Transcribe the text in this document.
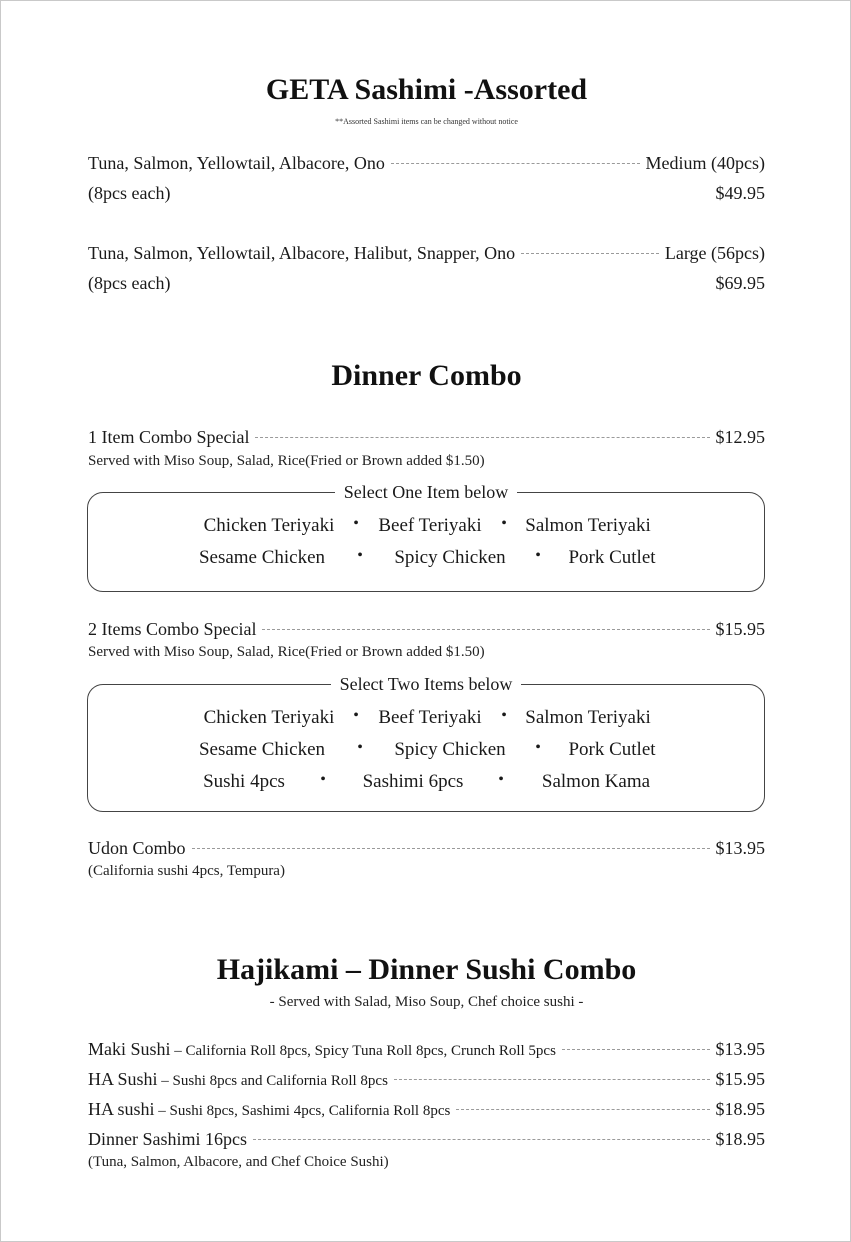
GETA Sashimi -Assorted
**Assorted Sashimi items can be changed without notice
Tuna, Salmon, Yellowtail, Albacore, Ono	Medium (40pcs)
(8pcs each)	$49.95
Tuna, Salmon, Yellowtail, Albacore, Halibut, Snapper, Ono	Large (56pcs)
(8pcs each)	$69.95
Dinner Combo
1 Item Combo Special	$12.95
Served with Miso Soup, Salad, Rice(Fried or Brown added $1.50)
Select One Item below
Chicken Teriyaki • Beef Teriyaki • Salmon Teriyaki
Sesame Chicken • Spicy Chicken • Pork Cutlet
2 Items Combo Special	$15.95
Served with Miso Soup, Salad, Rice(Fried or Brown added $1.50)
Select Two Items below
Chicken Teriyaki • Beef Teriyaki • Salmon Teriyaki
Sesame Chicken • Spicy Chicken • Pork Cutlet
Sushi 4pcs • Sashimi 6pcs • Salmon Kama
Udon Combo	$13.95
(California sushi 4pcs, Tempura)
Hajikami – Dinner Sushi Combo
- Served with Salad, Miso Soup, Chef choice sushi -
Maki Sushi – California Roll 8pcs, Spicy Tuna Roll 8pcs, Crunch Roll 5pcs	$13.95
HA Sushi – Sushi 8pcs and California Roll 8pcs	$15.95
HA sushi – Sushi 8pcs, Sashimi 4pcs, California Roll 8pcs	$18.95
Dinner Sashimi 16pcs	$18.95
(Tuna, Salmon, Albacore, and Chef Choice Sushi)
